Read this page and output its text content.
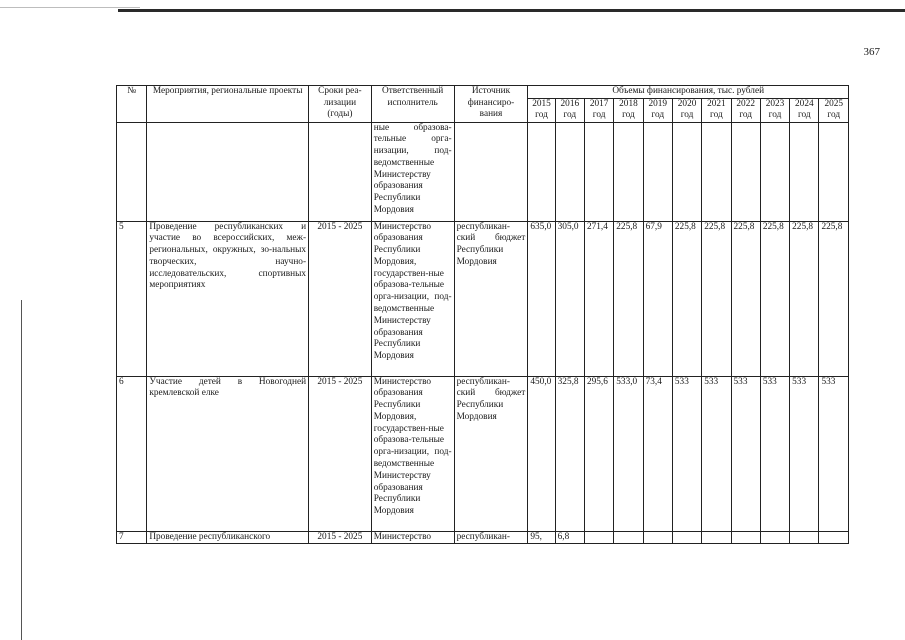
367
№	Мероприятия, региональные проекты	Сроки реа-лизации (годы)	Ответственный исполнитель	Источник финансиро-вания	Объемы финансирования, тыс. рублей										
					2015 год	2016 год	2017 год	2018 год	2019 год	2020 год	2021 год	2022 год	2023 год	2024 год	2025 год
			ные образова-тельные орга-низации, под-ведомственные Министерству образования Республики Мордовия												
5	Проведение республиканских и участие во всероссийских, меж-региональных, окружных, зо-нальных творческих, научно-исследовательских, спортивных мероприятиях	2015 - 2025	Министерство образования Республики Мордовия, государствен-ные образова-тельные орга-низации, под-ведомственные Министерству образования Республики Мордовия	республикан-ский бюджет Республики Мордовия	635,0	305,0	271,4	225,8	67,9	225,8	225,8	225,8	225,8	225,8	225,8
6	Участие детей в Новогодней кремлевской елке	2015 - 2025	Министерство образования Республики Мордовия, государствен-ные образова-тельные орга-низации, под-ведомственные Министерству образования Республики Мордовия	республикан-ский бюджет Республики Мордовия	450,0	325,8	295,6	533,0	73,4	533	533	533	533	533	533
7	Проведение республиканского	2015 - 2025	Министерство	республикан-	95,	6,8									
